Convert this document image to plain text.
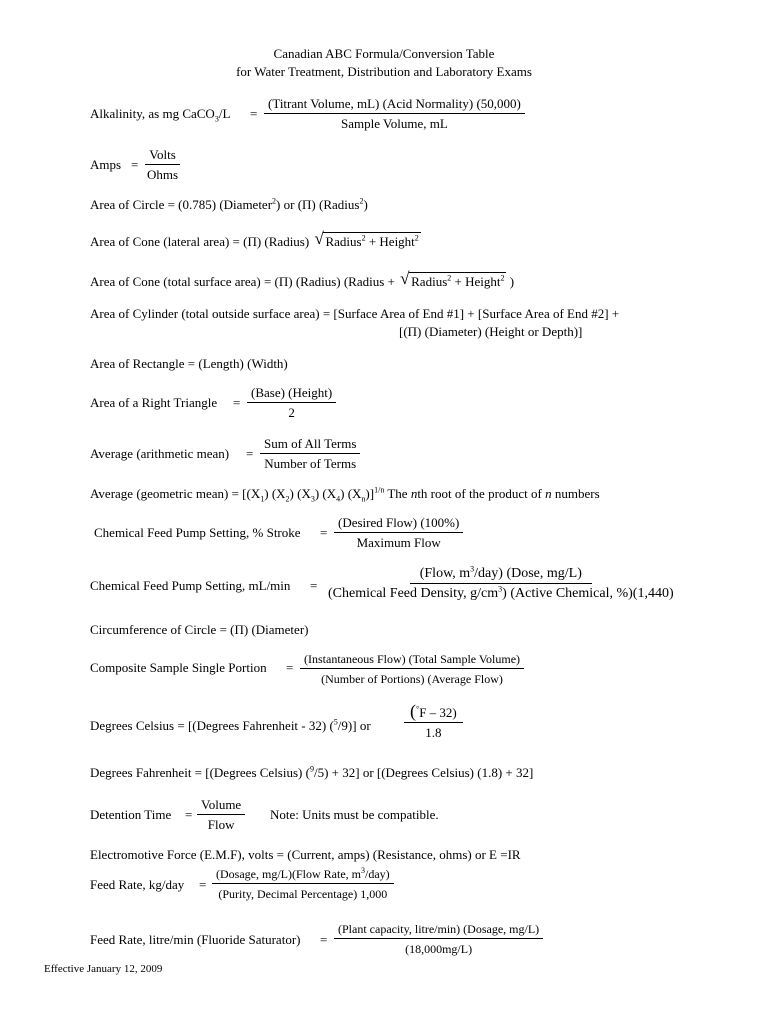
Canadian ABC Formula/Conversion Table
for Water Treatment, Distribution and Laboratory Exams
Alkalinity, as mg CaCO$_3$/L =
(Titrant Volume, mL) (Acid Normality) (50,000)
Sample Volume, mL
Amps =
Volts
Ohms
Area of Circle = (0.785) (Diameter$^2$) or (Π) (Radius$^2$)
Area of Cone (lateral area) = (Π) (Radius) √ Radius$^2$ + Height$^2$
Area of Cone (total surface area) = (Π) (Radius) (Radius + √ Radius$^2$ + Height$^2$ )
Area of Cylinder (total outside surface area) = [Surface Area of End #1] + [Surface Area of End #2] +
[(Π) (Diameter) (Height or Depth)]
Area of Rectangle = (Length) (Width)
Area of a Right Triangle =
(Base) (Height)
2
Average (arithmetic mean) =
Sum of All Terms
Number of Terms
Average (geometric mean) = [$(X_1)$ $(X_2)$ $(X_3)$ $(X_4)$ $(X_n)]^{1/n}$ The nth root of the product of n numbers
Chemical Feed Pump Setting, % Stroke =
(Desired Flow) (100%)
Maximum Flow
Chemical Feed Pump Setting, mL/min =
(Flow, $m^3/day$) (Dose, mg/L)
(Chemical Feed Density, $g/cm^3$) (Active Chemical, %)(1,440)
Circumference of Circle = (Π) (Diameter)
Composite Sample Single Portion =
(Instantaneous Flow) (Total Sample Volume)
(Number of Portions) (Average Flow)
Degrees Celsius = [(Degrees Fahrenheit - 32) ($^5$/9)] or $\frac{(^\circ F - 32)}{1.8}$
Degrees Fahrenheit = [(Degrees Celsius) ($^9$/5) + 32] or [(Degrees Celsius) (1.8) + 32]
Detention Time =
Volume
Flow
Note: Units must be compatible.
Electromotive Force (E.M.F), volts = (Current, amps) (Resistance, ohms) or E =IR
Feed Rate, kg/day =
(Dosage, mg/L)(Flow Rate, $m^3/day$)
(Purity, Decimal Percentage) 1,000
Feed Rate, litre/min (Fluoride Saturator) =
(Plant capacity, litre/min) (Dosage, mg/L)
(18,000mg/L)
Effective January 12, 2009
